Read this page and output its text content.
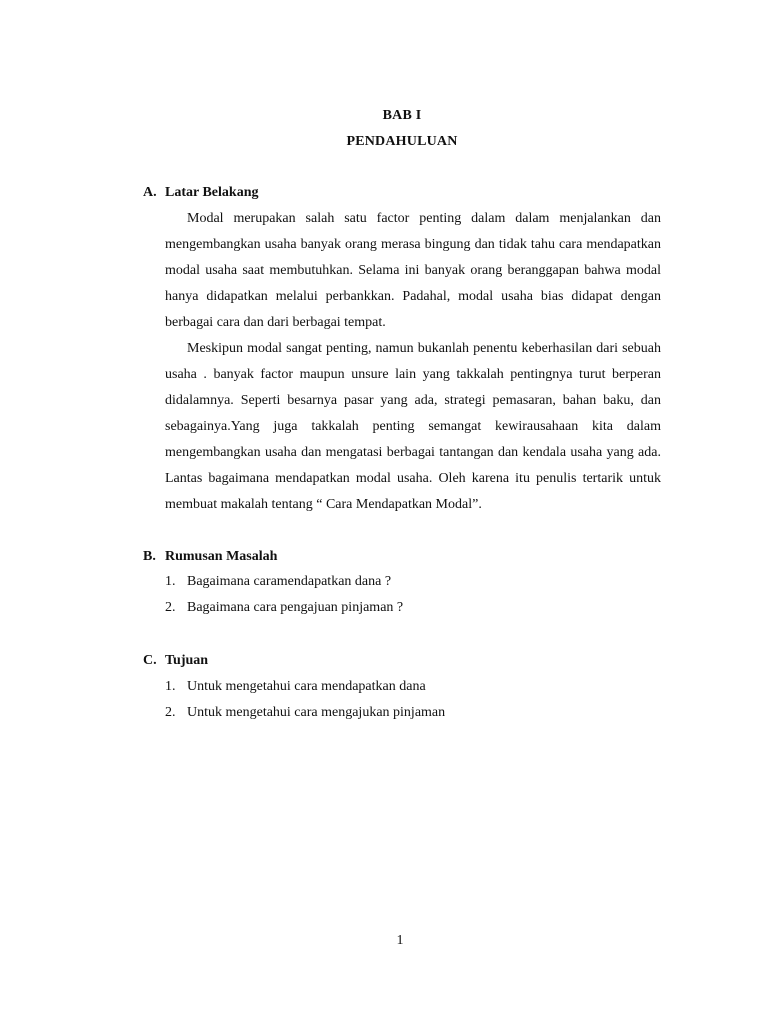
BAB I
PENDAHULUAN
A. Latar Belakang

Modal merupakan salah satu factor penting dalam dalam menjalankan dan mengembangkan usaha banyak orang merasa bingung dan tidak tahu cara mendapatkan modal usaha saat membutuhkan. Selama ini banyak orang beranggapan bahwa modal hanya didapatkan melalui perbankkan. Padahal, modal usaha bias didapat dengan berbagai cara dan dari berbagai tempat.

Meskipun modal sangat penting, namun bukanlah penentu keberhasilan dari sebuah usaha . banyak factor maupun unsure lain yang takkalah pentingnya turut berperan didalamnya. Seperti besarnya pasar yang ada, strategi pemasaran, bahan baku, dan sebagainya.Yang juga takkalah penting semangat kewirausahaan kita dalam mengembangkan usaha dan mengatasi berbagai tantangan dan kendala usaha yang ada. Lantas bagaimana mendapatkan modal usaha. Oleh karena itu penulis tertarik untuk membuat makalah tentang “ Cara Mendapatkan Modal”.

B. Rumusan Masalah
1. Bagaimana caramendapatkan dana ?
2. Bagaimana cara pengajuan pinjaman ?
C. Tujuan
1. Untuk mengetahui cara mendapatkan dana
2. Untuk mengetahui cara mengajukan pinjaman
1
